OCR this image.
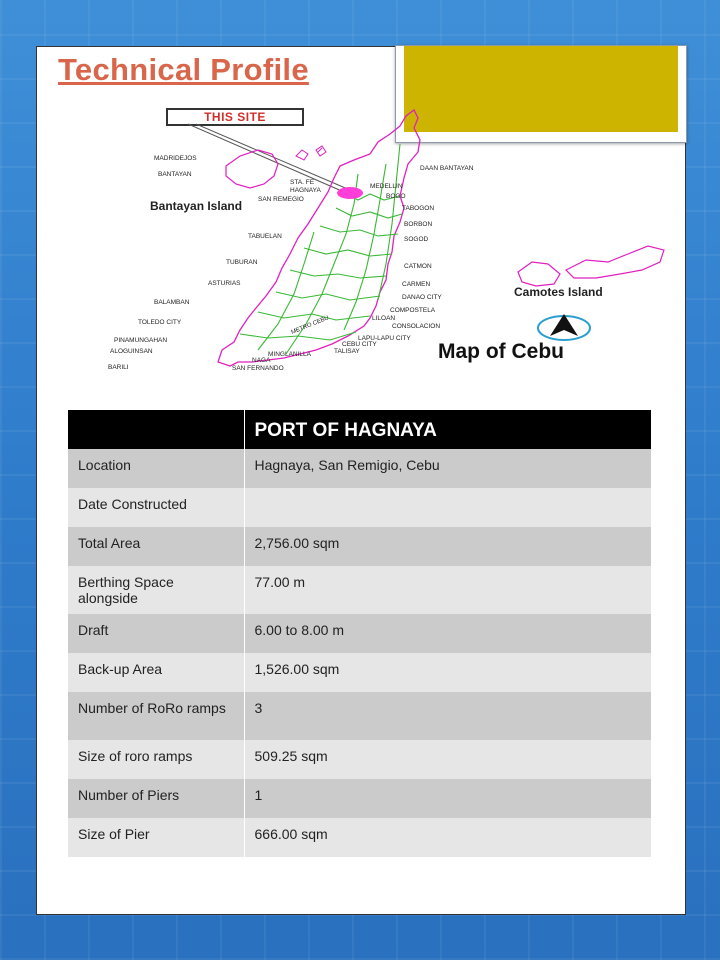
Technical Profile
THIS SITE
MADRIDEJOS
BANTAYAN
STA. FE
HAGNAYA
SAN REMEGIO
DAAN BANTAYAN
MEDELLIN
BOGO
TABOGON
BORBON
SOGOD
TABUELAN
TUBURAN
CATMON
ASTURIAS	CARMEN
DANAO CITY
BALAMBAN
COMPOSTELA
LILOAN
TOLEDO CITY
CONSOLACION
PINAMUNGAHAN	LAPU-LAPU CITY
CEBU CITY
ALOGUINSAN	TALISAY
MINGLANILLA
NAGA
BARILI	SAN FERNANDO
METRO CEBU
Bantayan Island
Camotes Island
Map of Cebu
	PORT OF HAGNAYA
Location	Hagnaya, San Remigio, Cebu
Date Constructed	
Total Area	2,756.00 sqm
Berthing Space alongside	77.00 m
Draft	6.00 to 8.00 m
Back-up Area	1,526.00 sqm
Number of RoRo ramps	3
Size of roro ramps	509.25 sqm
Number of Piers	1
Size of Pier	666.00 sqm
